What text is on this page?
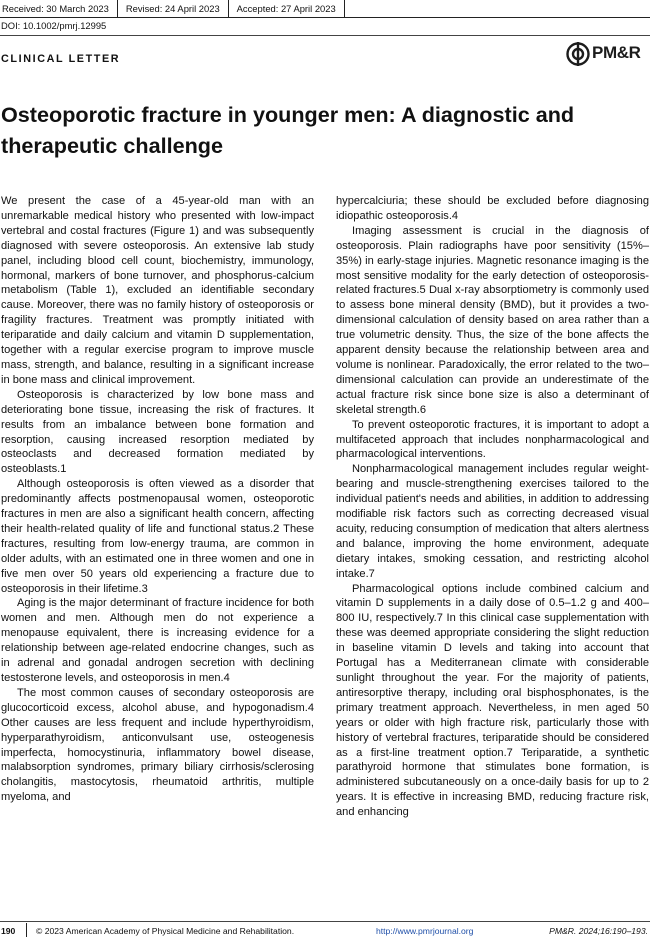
Received: 30 March 2023 Revised: 24 April 2023 Accepted: 27 April 2023
DOI: 10.1002/pmrj.12995
CLINICAL LETTER	PM&R
Osteoporotic fracture in younger men: A diagnostic and therapeutic challenge

We present the case of a 45-year-old man with an unremarkable medical history who presented with low-impact vertebral and costal fractures (Figure 1) and was subsequently diagnosed with severe osteoporosis. An extensive lab study panel, including blood cell count, biochemistry, immunology, hormonal, markers of bone turnover, and phosphorus-calcium metabolism (Table 1), excluded an identifiable secondary cause. Moreover, there was no family history of osteoporosis or fragility fractures. Treatment was promptly initiated with teriparatide and daily calcium and vitamin D supplementation, together with a regular exercise program to improve muscle mass, strength, and balance, resulting in a significant increase in bone mass and clinical improvement.

Osteoporosis is characterized by low bone mass and deteriorating bone tissue, increasing the risk of fractures. It results from an imbalance between bone formation and resorption, causing increased resorption mediated by osteoclasts and decreased formation mediated by osteoblasts.1

Although osteoporosis is often viewed as a disorder that predominantly affects postmenopausal women, osteoporotic fractures in men are also a significant health concern, affecting their health-related quality of life and functional status.2 These fractures, resulting from low-energy trauma, are common in older adults, with an estimated one in three women and one in five men over 50 years old experiencing a fracture due to osteoporosis in their lifetime.3

Aging is the major determinant of fracture incidence for both women and men. Although men do not experience a menopause equivalent, there is increasing evidence for a relationship between age-related endocrine changes, such as in adrenal and gonadal androgen secretion with declining testosterone levels, and osteoporosis in men.4

The most common causes of secondary osteoporosis are glucocorticoid excess, alcohol abuse, and hypogonadism.4 Other causes are less frequent and include hyperthyroidism, hyperparathyroidism, anticonvulsant use, osteogenesis imperfecta, homocystinuria, inflammatory bowel disease, malabsorption syndromes, primary biliary cirrhosis/sclerosing cholangitis, mastocytosis, rheumatoid arthritis, multiple myeloma, and

hypercalciuria; these should be excluded before diagnosing idiopathic osteoporosis.4

Imaging assessment is crucial in the diagnosis of osteoporosis. Plain radiographs have poor sensitivity (15%–35%) in early-stage injuries. Magnetic resonance imaging is the most sensitive modality for the early detection of osteoporosis-related fractures.5 Dual x-ray absorptiometry is commonly used to assess bone mineral density (BMD), but it provides a two-dimensional calculation of density based on area rather than a true volumetric density. Thus, the size of the bone affects the apparent density because the relationship between area and volume is nonlinear. Paradoxically, the error related to the two–dimensional calculation can provide an underestimate of the actual fracture risk since bone size is also a determinant of skeletal strength.6

To prevent osteoporotic fractures, it is important to adopt a multifaceted approach that includes nonpharmacological and pharmacological interventions.

Nonpharmacological management includes regular weight-bearing and muscle-strengthening exercises tailored to the individual patient's needs and abilities, in addition to addressing modifiable risk factors such as correcting decreased visual acuity, reducing consumption of medication that alters alertness and balance, improving the home environment, adequate dietary intakes, smoking cessation, and restricting alcohol intake.7

Pharmacological options include combined calcium and vitamin D supplements in a daily dose of 0.5–1.2 g and 400–800 IU, respectively.7 In this clinical case supplementation with these was deemed appropriate considering the slight reduction in baseline vitamin D levels and taking into account that Portugal has a Mediterranean climate with considerable sunlight throughout the year. For the majority of patients, antiresorptive therapy, including oral bisphosphonates, is the primary treatment approach. Nevertheless, in men aged 50 years or older with high fracture risk, particularly those with history of vertebral fractures, teriparatide should be considered as a first-line treatment option.7 Teriparatide, a synthetic parathyroid hormone that stimulates bone formation, is administered subcutaneously on a once-daily basis for up to 2 years. It is effective in increasing BMD, reducing fracture risk, and enhancing

190 © 2023 American Academy of Physical Medicine and Rehabilitation.	http://www.pmrjournal.org	PM&R. 2024;16:190–193.
